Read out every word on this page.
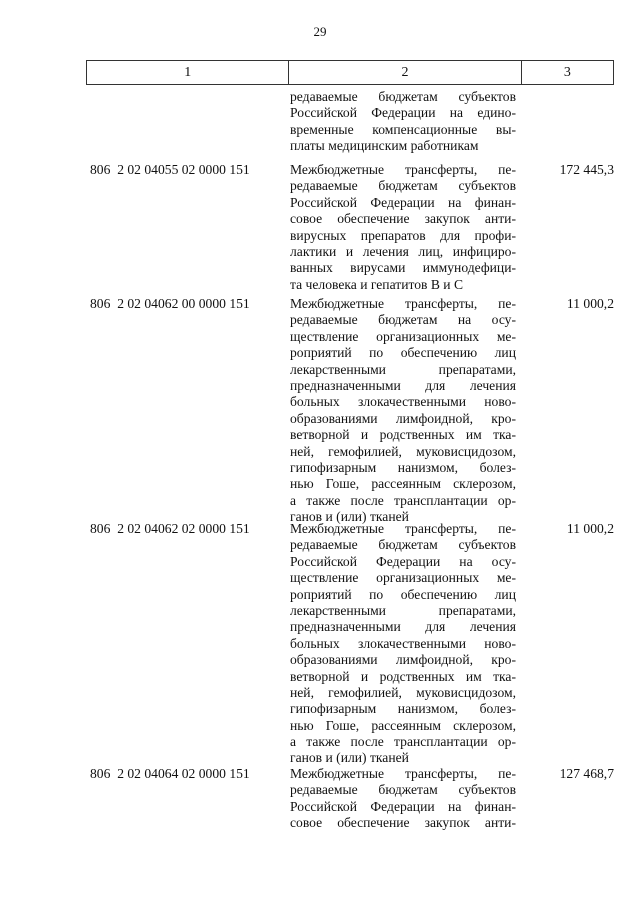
29
1	2	3
редаваемые бюджетам субъектов
Российской Федерации на едино-
временные компенсационные вы-
платы медицинским работникам
806  2 02 04055 02 0000 151	Межбюджетные трансферты, пе-
редаваемые бюджетам субъектов
Российской Федерации на финан-
совое обеспечение закупок анти-
вирусных препаратов для профи-
лактики и лечения лиц, инфициро-
ванных вирусами иммунодефици-
та человека и гепатитов В и С
172 445,3
806  2 02 04062 00 0000 151	Межбюджетные трансферты, пе-
редаваемые бюджетам на осу-
ществление организационных ме-
роприятий по обеспечению лиц
лекарственными препаратами,
предназначенными для лечения
больных злокачественными ново-
образованиями лимфоидной, кро-
ветворной и родственных им тка-
ней, гемофилией, муковисцидозом,
гипофизарным нанизмом, болез-
нью Гоше, рассеянным склерозом,
а также после трансплантации ор-
ганов и (или) тканей
11 000,2
806  2 02 04062 02 0000 151	Межбюджетные трансферты, пе-
редаваемые бюджетам субъектов
Российской Федерации на осу-
ществление организационных ме-
роприятий по обеспечению лиц
лекарственными препаратами,
предназначенными для лечения
больных злокачественными ново-
образованиями лимфоидной, кро-
ветворной и родственных им тка-
ней, гемофилией, муковисцидозом,
гипофизарным нанизмом, болез-
нью Гоше, рассеянным склерозом,
а также после трансплантации ор-
ганов и (или) тканей
11 000,2
806  2 02 04064 02 0000 151	Межбюджетные трансферты, пе-
редаваемые бюджетам субъектов
Российской Федерации на финан-
совое обеспечение закупок анти-
127 468,7
